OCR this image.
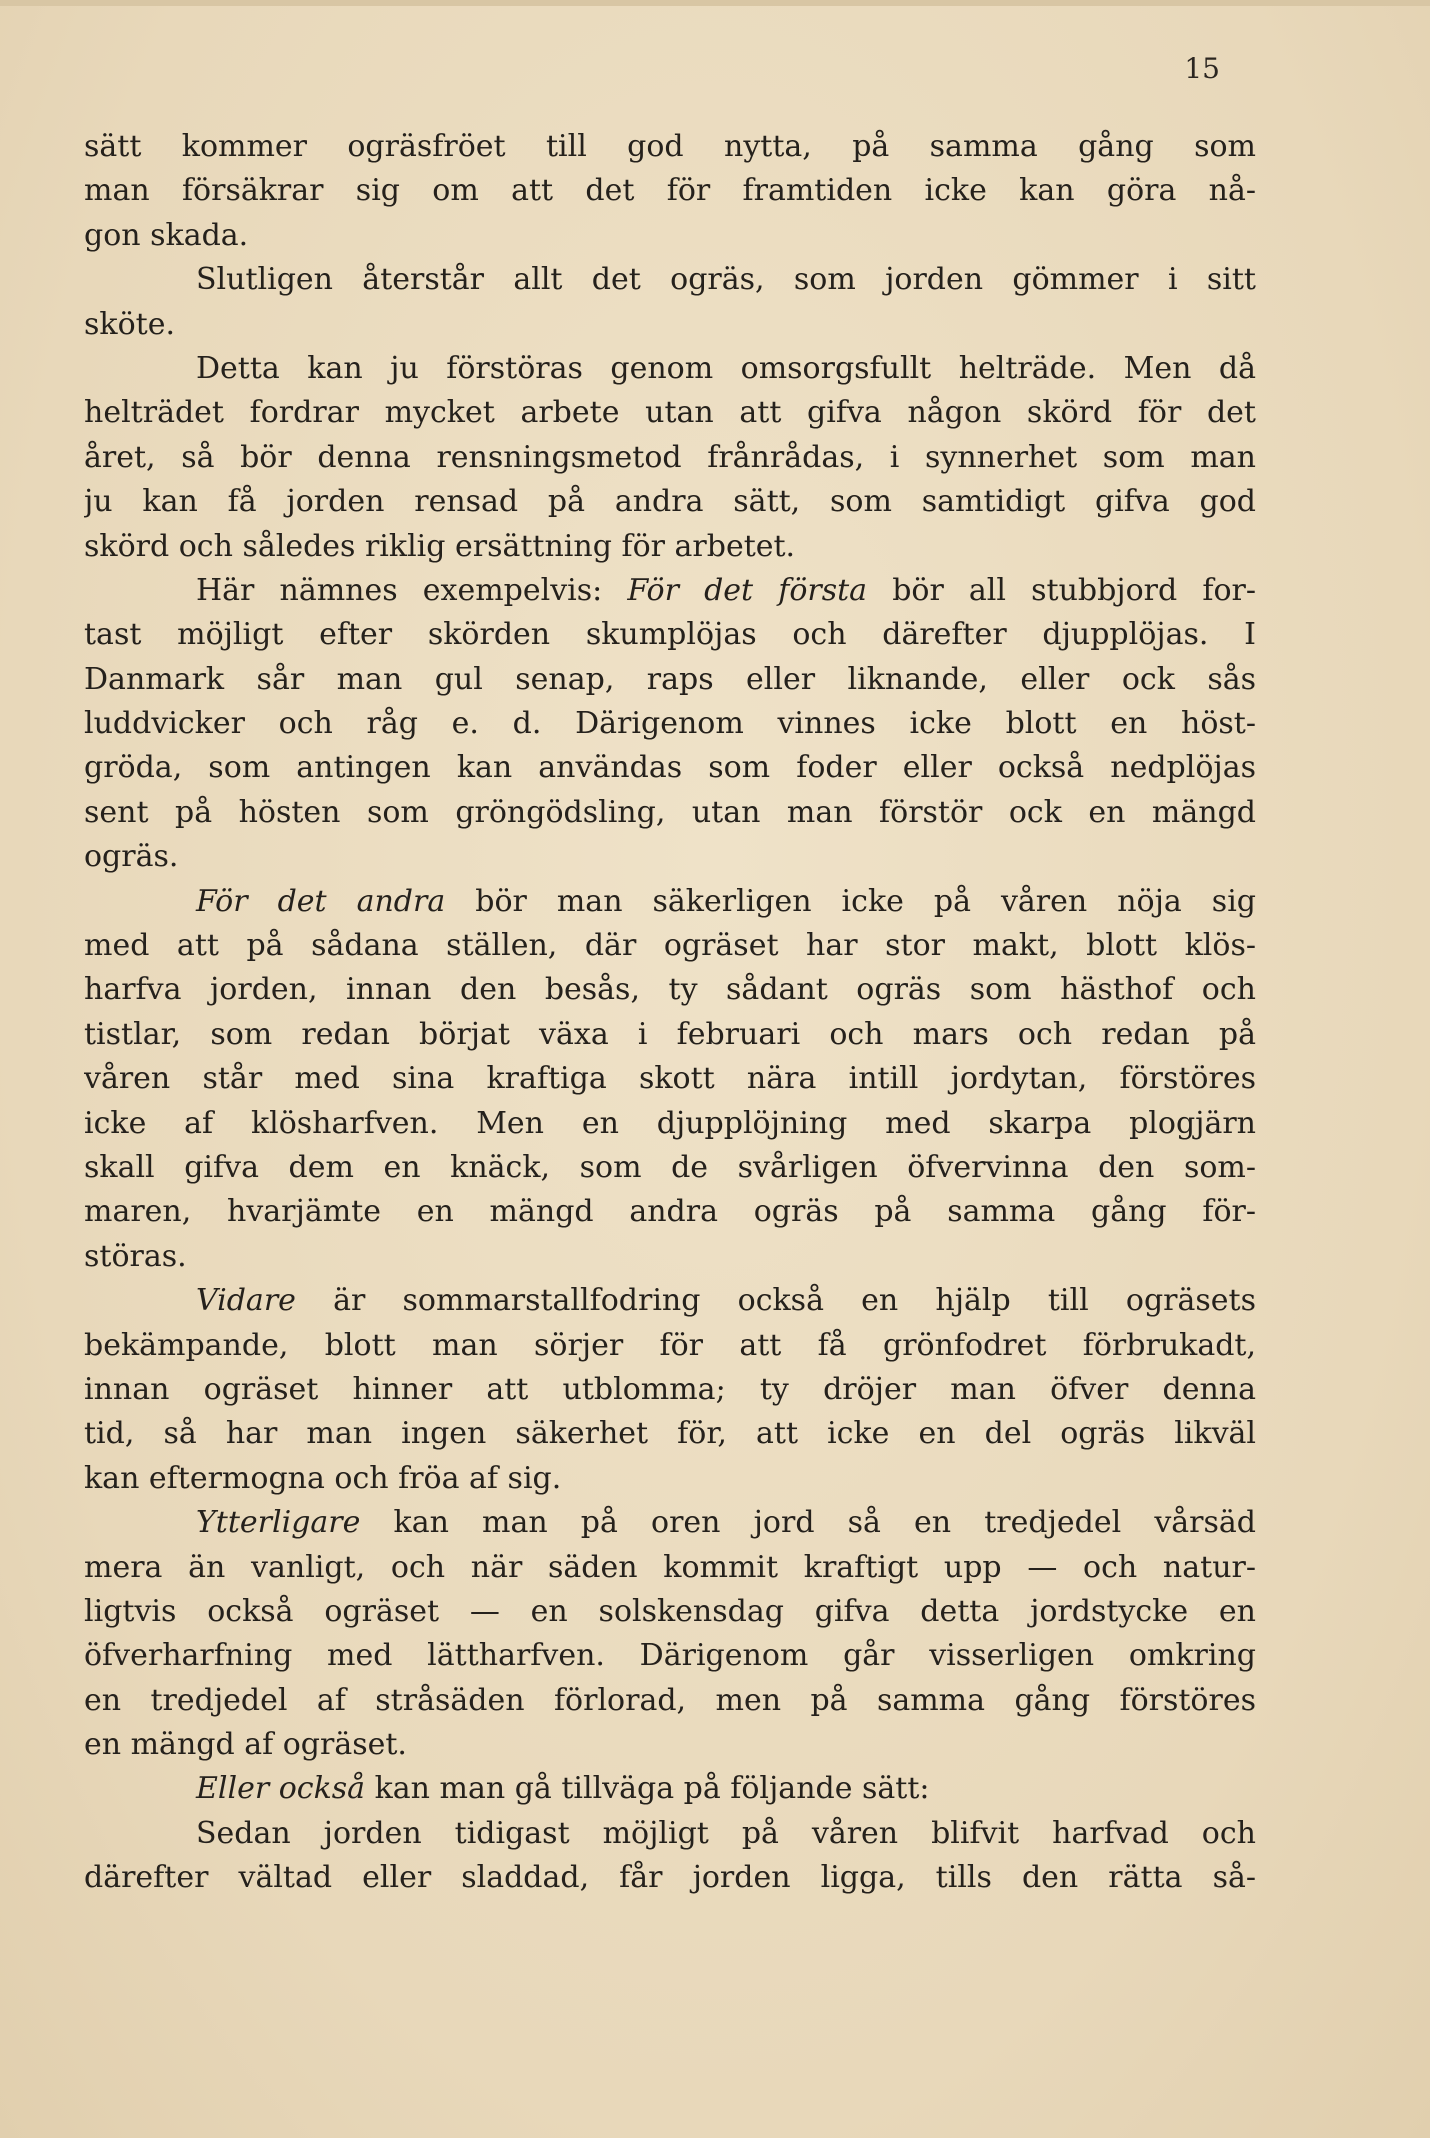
15
sätt kommer ogräsfröet till god nytta, på samma gång som
man försäkrar sig om att det för framtiden icke kan göra nå-
gon skada.
Slutligen återstår allt det ogräs, som jorden gömmer i sitt
sköte.
Detta kan ju förstöras genom omsorgsfullt helträde. Men då
helträdet fordrar mycket arbete utan att gifva någon skörd för det
året, så bör denna rensningsmetod frånrådas, i synnerhet som man
ju kan få jorden rensad på andra sätt, som samtidigt gifva god
skörd och således riklig ersättning för arbetet.
Här nämnes exempelvis: För det första bör all stubbjord for-
tast möjligt efter skörden skumplöjas och därefter djupplöjas. I
Danmark sår man gul senap, raps eller liknande, eller ock sås
luddvicker och råg e. d. Därigenom vinnes icke blott en höst-
gröda, som antingen kan användas som foder eller också nedplöjas
sent på hösten som gröngödsling, utan man förstör ock en mängd
ogräs.
För det andra bör man säkerligen icke på våren nöja sig
med att på sådana ställen, där ogräset har stor makt, blott klös-
harfva jorden, innan den besås, ty sådant ogräs som hästhof och
tistlar, som redan börjat växa i februari och mars och redan på
våren står med sina kraftiga skott nära intill jordytan, förstöres
icke af klösharfven. Men en djupplöjning med skarpa plogjärn
skall gifva dem en knäck, som de svårligen öfvervinna den som-
maren, hvarjämte en mängd andra ogräs på samma gång för-
störas.
Vidare är sommarstallfodring också en hjälp till ogräsets
bekämpande, blott man sörjer för att få grönfodret förbrukadt,
innan ogräset hinner att utblomma; ty dröjer man öfver denna
tid, så har man ingen säkerhet för, att icke en del ogräs likväl
kan eftermogna och fröa af sig.
Ytterligare kan man på oren jord så en tredjedel vårsäd
mera än vanligt, och när säden kommit kraftigt upp — och natur-
ligtvis också ogräset — en solskensdag gifva detta jordstycke en
öfverharfning med lättharfven. Därigenom går visserligen omkring
en tredjedel af stråsäden förlorad, men på samma gång förstöres
en mängd af ogräset.
Eller också kan man gå tillväga på följande sätt:
Sedan jorden tidigast möjligt på våren blifvit harfvad och
därefter vältad eller sladdad, får jorden ligga, tills den rätta så-
